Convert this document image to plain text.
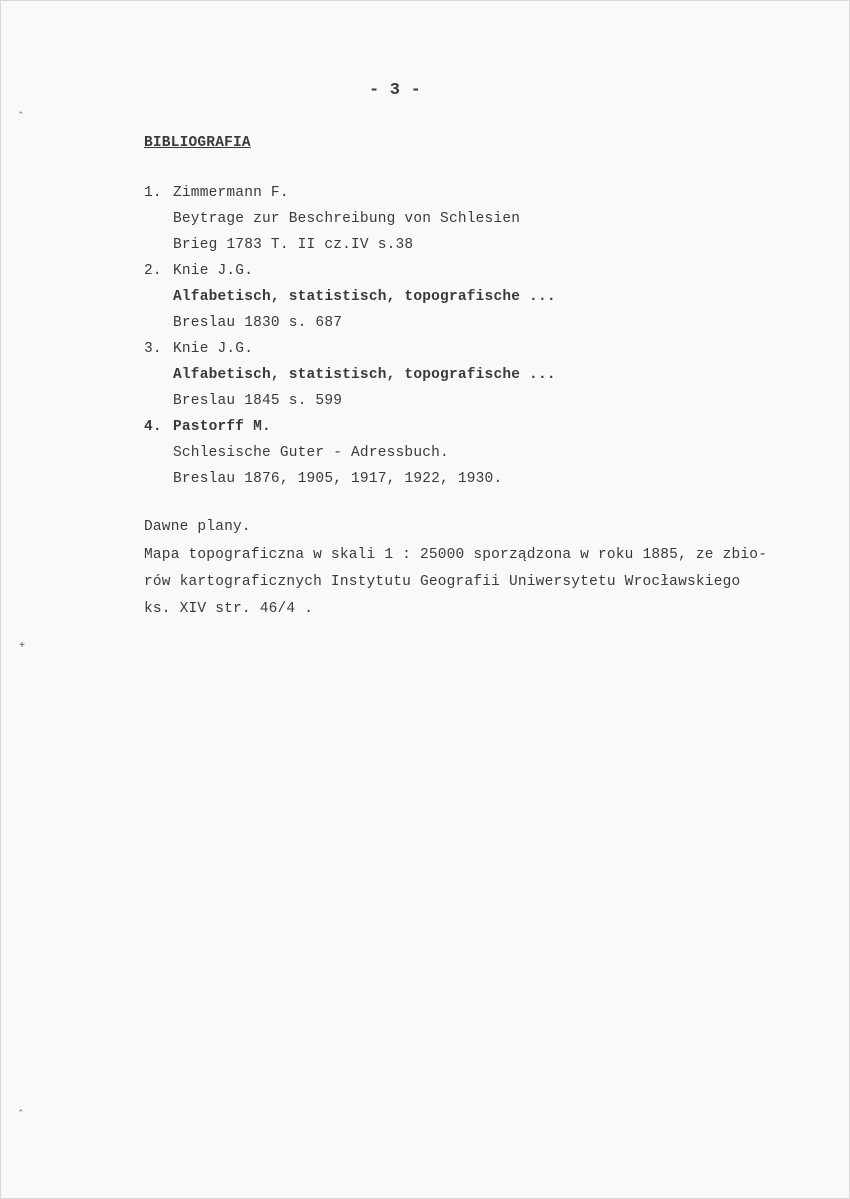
‸
+
‸
- 3 -
BIBLIOGRAFIA
1. Zimmermann F.
Beytrage zur Beschreibung von Schlesien
Brieg 1783 T. II cz.IV s.38
2. Knie J.G.
Alfabetisch, statistisch, topografische ...
Breslau 1830 s. 687
3. Knie J.G.
Alfabetisch, statistisch, topografische ...
Breslau 1845 s. 599
4. Pastorff M.
Schlesische Guter - Adressbuch.
Breslau 1876, 1905, 1917, 1922, 1930.
Dawne plany.
Mapa topograficzna w skali 1 : 25000 sporządzona w roku 1885, ze zbio-
rów kartograficznych Instytutu Geografii Uniwersytetu Wrocławskiego
ks. XIV str. 46/4 .
